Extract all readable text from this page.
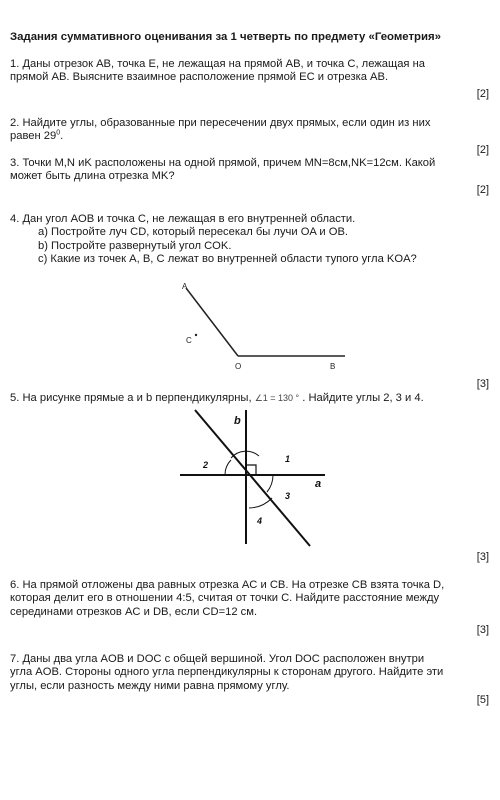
Задания суммативного оценивания за 1 четверть по предмету «Геометрия»
1. Даны отрезок AB, точка E, не лежащая на прямой AB, и точка C, лежащая на
прямой AB. Выясните взаимное расположение прямой EC и отрезка AB.
[2]
2. Найдите углы, образованные при пересечении двух прямых, если один из них
равен $29^0$.
[2]
3. Точки M,N иK расположены на одной прямой, причем MN=8см,NK=12см. Какой
может быть длина отрезка MK?
[2]
4. Дан угол AOB и точка C, не лежащая в его внутренней области.
a) Постройте луч CD, который пересекал бы лучи OA и OB.
b) Постройте развернутый угол COK.
c) Какие из точек A, B, C лежат во внутренней области тупого угла KOA?
A
C
O	B
[3]
5. На рисунке прямые a и b перпендикулярны, ∠1 = 130 ° . Найдите углы 2, 3 и 4.
b
a
1
2
3
4
[3]
6. На прямой отложены два равных отрезка AC и CB. На отрезке CB взята точка D,
которая делит его в отношении 4:5, считая от точки C. Найдите расстояние между
серединами отрезков AC и DB, если CD=12 см.
[3]
7. Даны два угла AOB и DOC с общей вершиной. Угол DOC расположен внутри
угла AOB. Стороны одного угла перпендикулярны к сторонам другого. Найдите эти
углы, если разность между ними равна прямому углу.
[5]
